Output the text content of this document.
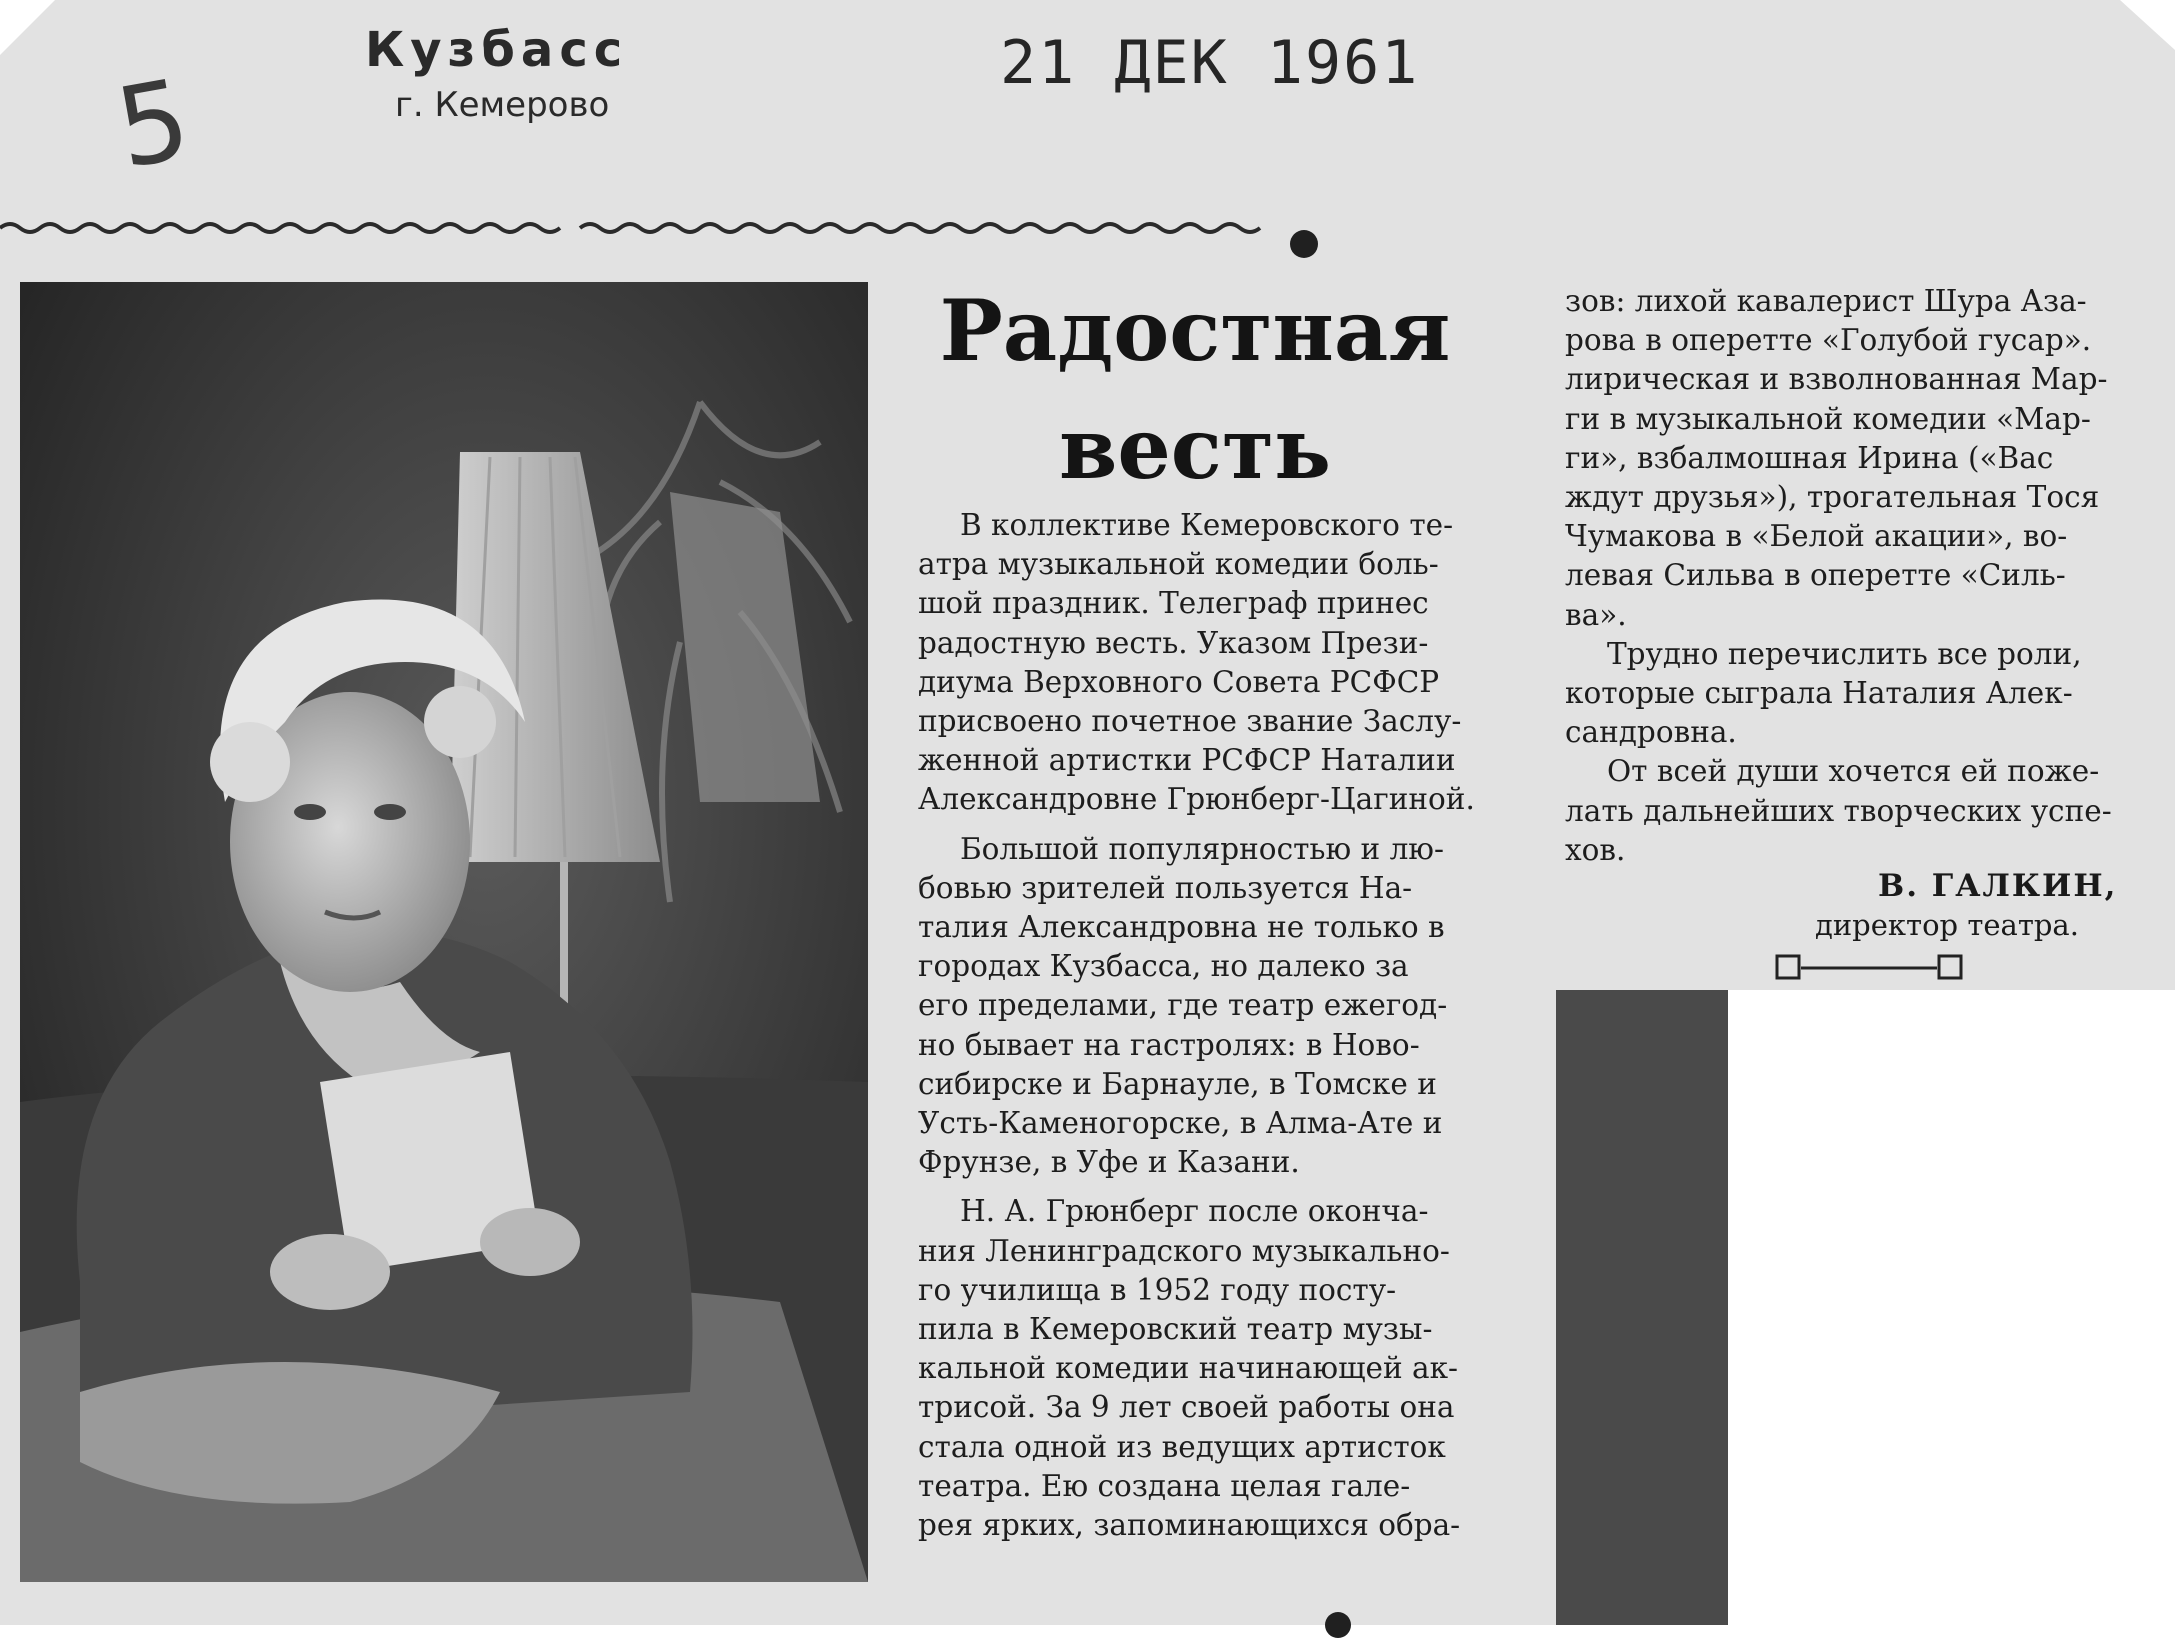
5
Кузбасс
г. Кемерово
21 ДЕК 1961
Радостная
весть
В коллективе Кемеровского те-
атра музыкальной комедии боль-
шой праздник. Телеграф принес
радостную весть. Указом Прези-
диума Верховного Совета РСФСР
присвоено почетное звание Заслу-
женной артистки РСФСР Наталии
Александровне Грюнберг-Цагиной.
Большой популярностью и лю-
бовью зрителей пользуется На-
талия Александровна не только в
городах Кузбасса, но далеко за
его пределами, где театр ежегод-
но бывает на гастролях: в Ново-
сибирске и Барнауле, в Томске и
Усть-Каменогорске, в Алма-Ате и
Фрунзе, в Уфе и Казани.
Н. А. Грюнберг после оконча-
ния Ленинградского музыкально-
го училища в 1952 году посту-
пила в Кемеровский театр музы-
кальной комедии начинающей ак-
трисой. За 9 лет своей работы она
стала одной из ведущих артисток
театра. Ею создана целая гале-
рея ярких, запоминающихся обра-
зов: лихой кавалерист Шура Аза-
рова в оперетте «Голубой гусар».
лирическая и взволнованная Мар-
ги в музыкальной комедии «Мар-
ги», взбалмошная Ирина («Вас
ждут друзья»), трогательная Тося
Чумакова в «Белой акации», во-
левая Сильва в оперетте «Силь-
ва».
Трудно перечислить все роли,
которые сыграла Наталия Алек-
сандровна.
От всей души хочется ей поже-
лать дальнейших творческих успе-
хов.
В. ГАЛКИН,
директор театра.
